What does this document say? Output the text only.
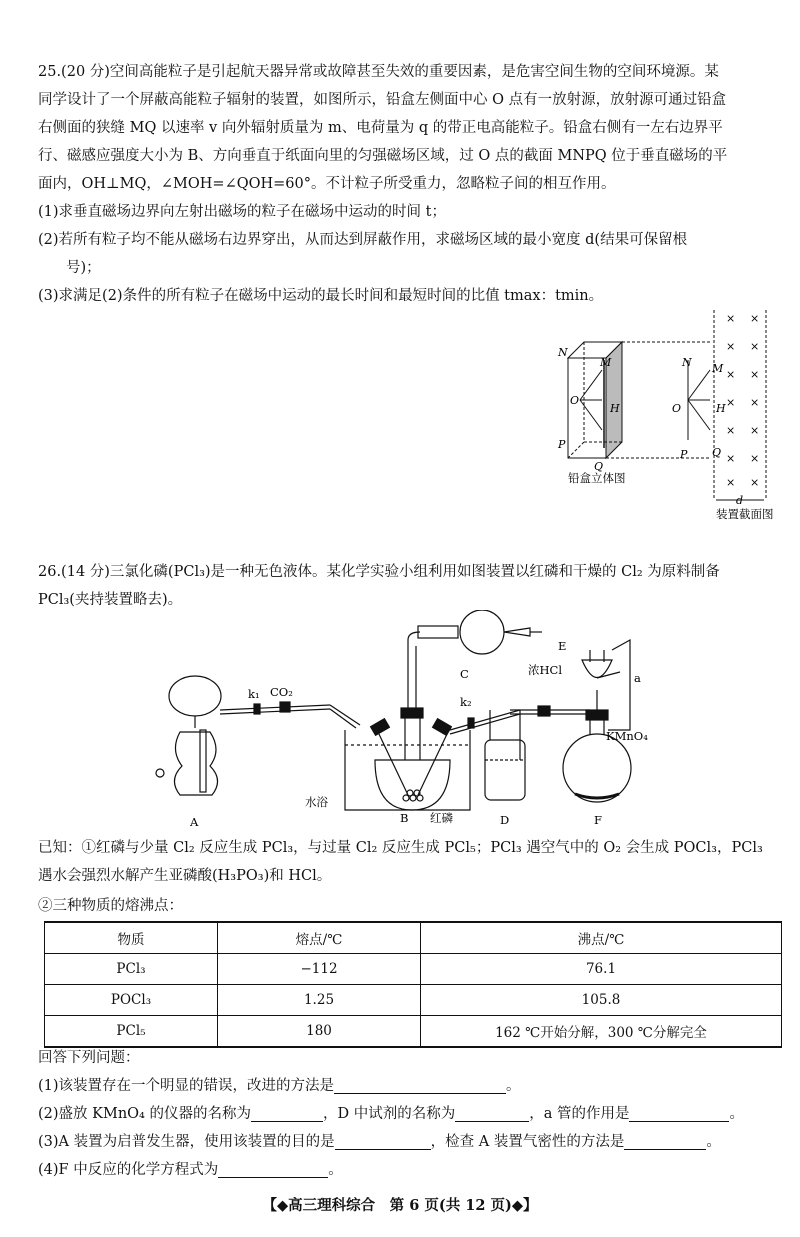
25.(20 分)空间高能粒子是引起航天器异常或故障甚至失效的重要因素，是危害空间生物的空间环境源。某
同学设计了一个屏蔽高能粒子辐射的装置，如图所示，铅盒左侧面中心 O 点有一放射源，放射源可通过铅盒
右侧面的狭缝 MQ 以速率 v 向外辐射质量为 m、电荷量为 q 的带正电高能粒子。铅盒右侧有一左右边界平
行、磁感应强度大小为 B、方向垂直于纸面向里的匀强磁场区域，过 O 点的截面 MNPQ 位于垂直磁场的平
面内，OH⊥MQ，∠MOH=∠QOH=60°。不计粒子所受重力，忽略粒子间的相互作用。
(1)求垂直磁场边界向左射出磁场的粒子在磁场中运动的时间 t；
(2)若所有粒子均不能从磁场右边界穿出，从而达到屏蔽作用，求磁场区域的最小宽度 d(结果可保留根
号)；
(3)求满足(2)条件的所有粒子在磁场中运动的最长时间和最短时间的比值 tmax：tmin。
N
M
O
H
P
Q
铅盒立体图
N M
O	H
P Q
d
装置截面图
× ×
× ×
× ×
× ×
× ×
× ×
× ×
26.(14 分)三氯化磷(PCl₃)是一种无色液体。某化学实验小组利用如图装置以红磷和干燥的 Cl₂ 为原料制备
PCl₃(夹持装置略去)。
A
k₁ CO₂
C
k₂
水浴
B 红磷	D
E
浓HCl
a
KMnO₄
F
已知：①红磷与少量 Cl₂ 反应生成 PCl₃，与过量 Cl₂ 反应生成 PCl₅；PCl₃ 遇空气中的 O₂ 会生成 POCl₃，PCl₃
遇水会强烈水解产生亚磷酸(H₃PO₃)和 HCl。
②三种物质的熔沸点：
物质	熔点/℃	沸点/℃
PCl₃	−112	76.1
POCl₃	1.25	105.8
PCl₅	180	162 ℃开始分解，300 ℃分解完全
回答下列问题：
(1)该装置存在一个明显的错误，改进的方法是	。
(2)盛放 KMnO₄ 的仪器的名称为	，D 中试剂的名称为	，a 管的作用是	。
(3)A 装置为启普发生器，使用该装置的目的是	，检查 A 装置气密性的方法是	。
(4)F 中反应的化学方程式为	。
【◆高三理科综合　第 6 页(共 12 页)◆】
